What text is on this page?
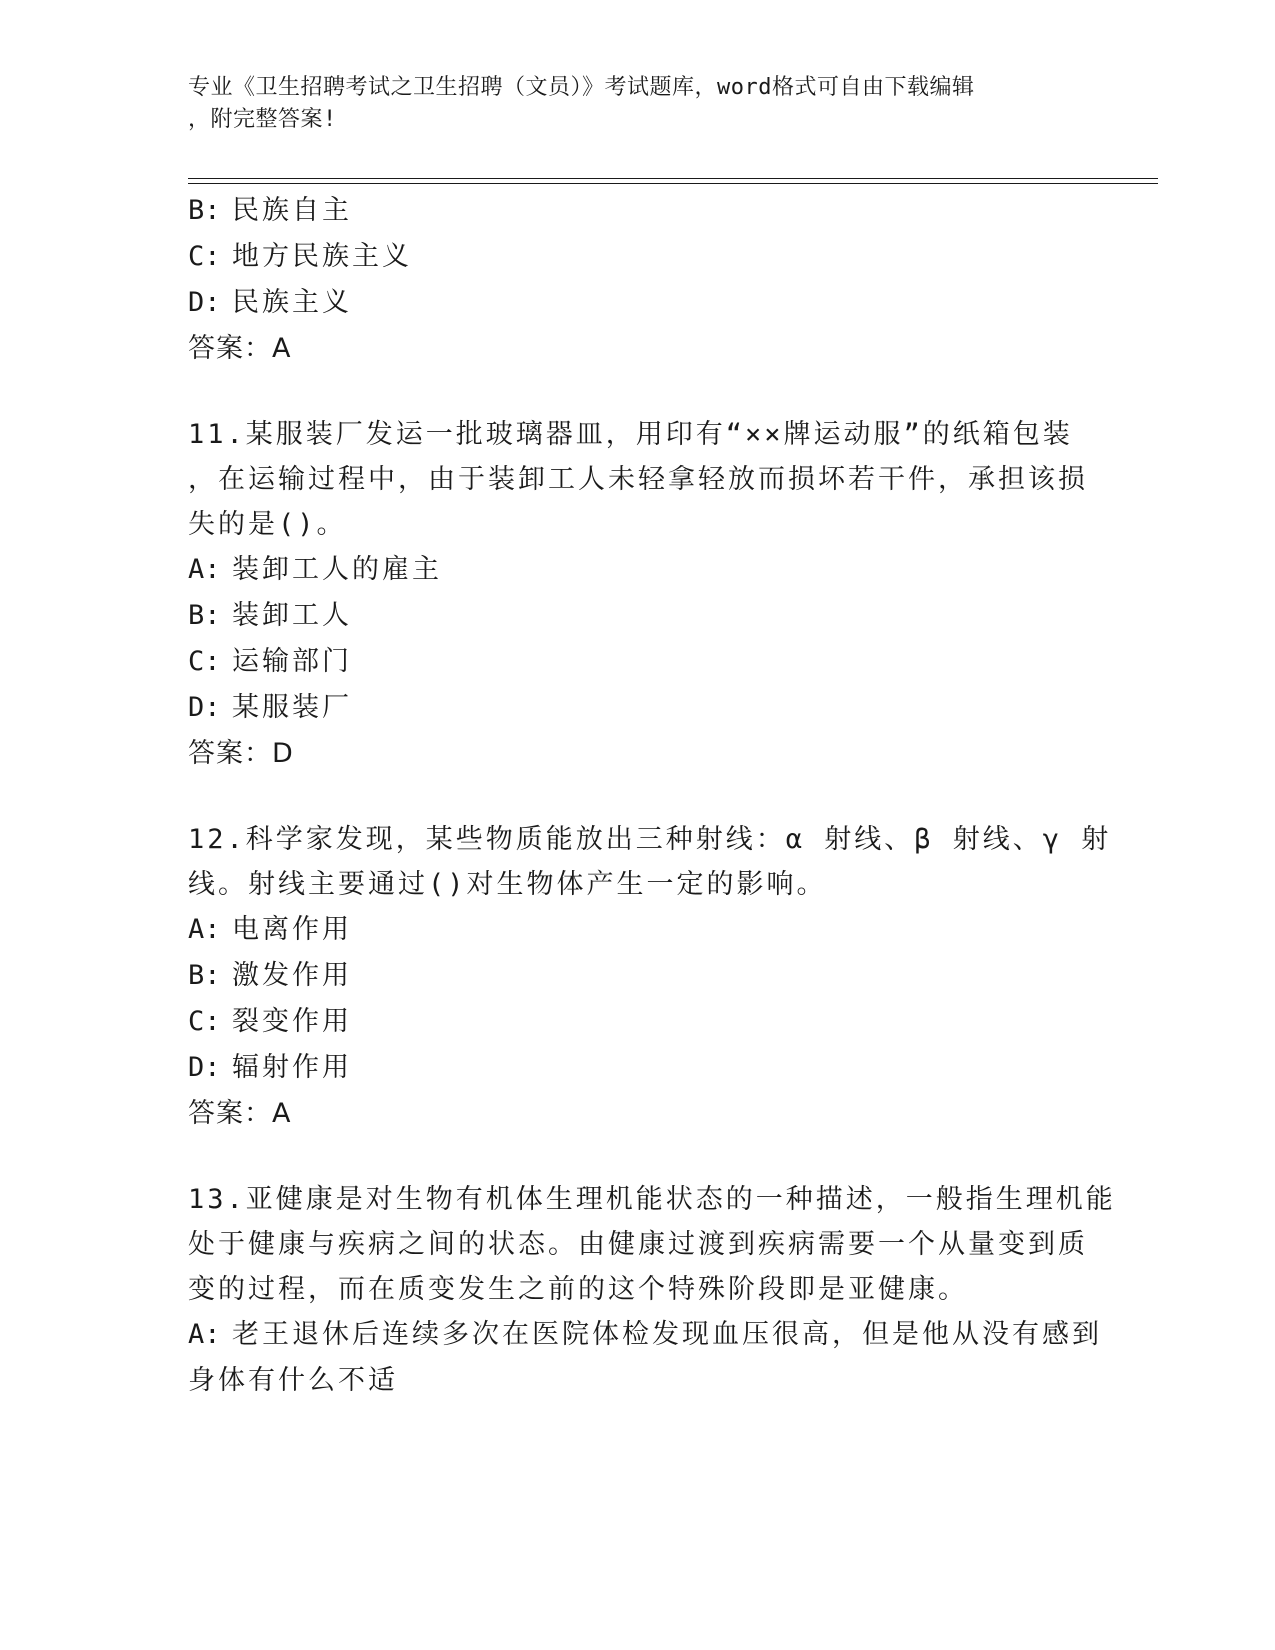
专业《卫生招聘考试之卫生招聘（文员）》考试题库，word格式可自由下载编辑
，附完整答案!
B: 民族自主
C: 地方民族主义
D: 民族主义
答案：A
11.某服装厂发运一批玻璃器皿，用印有“××牌运动服”的纸箱包装
，在运输过程中，由于装卸工人未轻拿轻放而损坏若干件，承担该损
失的是()。
A: 装卸工人的雇主
B: 装卸工人
C: 运输部门
D: 某服装厂
答案：D
12.科学家发现，某些物质能放出三种射线：α 射线、β 射线、γ 射
线。射线主要通过()对生物体产生一定的影响。
A: 电离作用
B: 激发作用
C: 裂变作用
D: 辐射作用
答案：A
13.亚健康是对生物有机体生理机能状态的一种描述，一般指生理机能
处于健康与疾病之间的状态。由健康过渡到疾病需要一个从量变到质
变的过程，而在质变发生之前的这个特殊阶段即是亚健康。
A: 老王退休后连续多次在医院体检发现血压很高，但是他从没有感到
身体有什么不适
